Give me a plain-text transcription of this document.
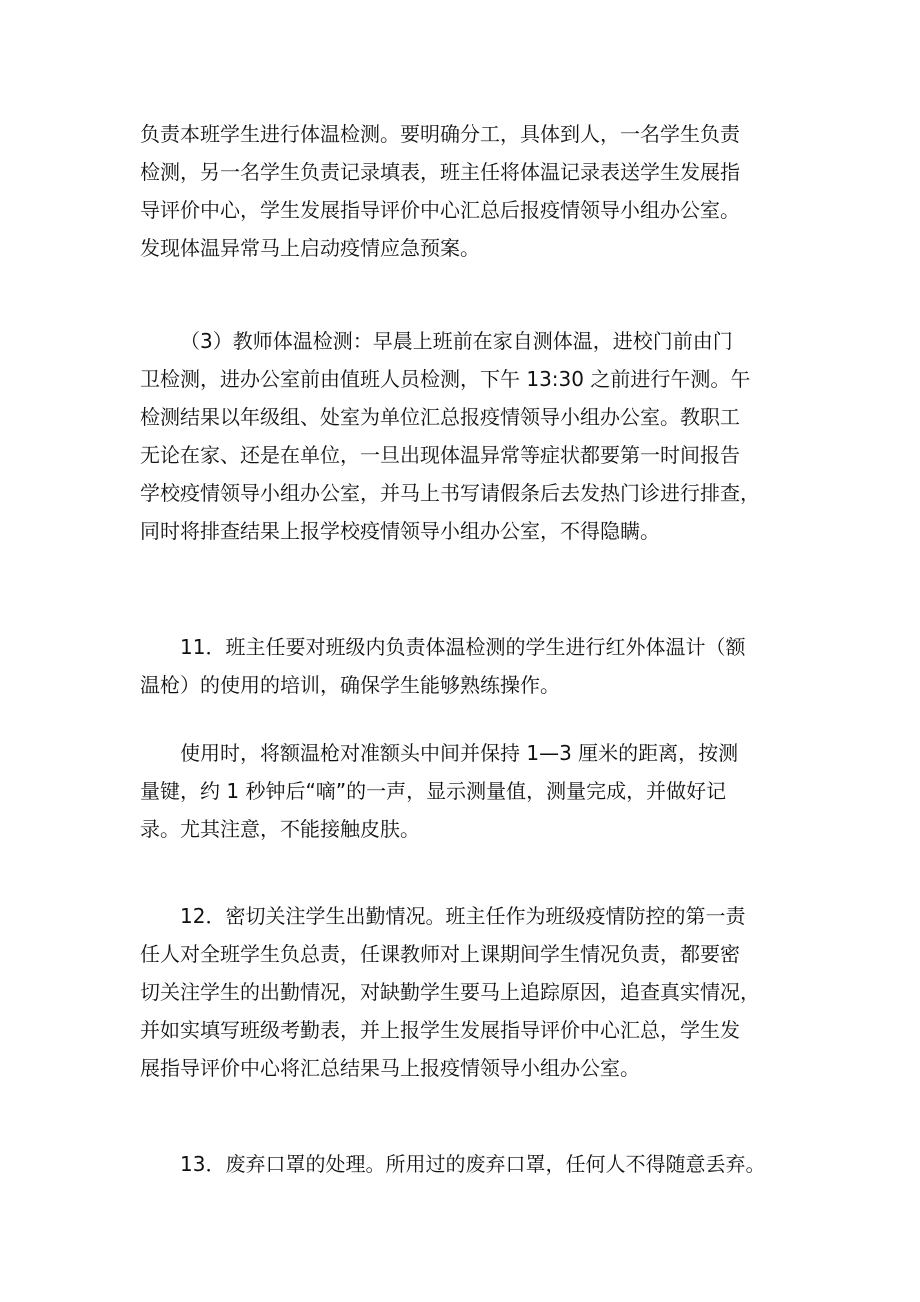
负责本班学生进行体温检测。要明确分工，具体到人，一名学生负责
检测，另一名学生负责记录填表，班主任将体温记录表送学生发展指
导评价中心，学生发展指导评价中心汇总后报疫情领导小组办公室。
发现体温异常马上启动疫情应急预案。

（3）教师体温检测：早晨上班前在家自测体温，进校门前由门
卫检测，进办公室前由值班人员检测，下午 13:30 之前进行午测。午
检测结果以年级组、处室为单位汇总报疫情领导小组办公室。教职工
无论在家、还是在单位，一旦出现体温异常等症状都要第一时间报告
学校疫情领导小组办公室，并马上书写请假条后去发热门诊进行排查，
同时将排查结果上报学校疫情领导小组办公室，不得隐瞒。

11．班主任要对班级内负责体温检测的学生进行红外体温计（额
温枪）的使用的培训，确保学生能够熟练操作。

使用时，将额温枪对准额头中间并保持 1—3 厘米的距离，按测
量键，约 1 秒钟后“嘀”的一声，显示测量值，测量完成，并做好记
录。尤其注意，不能接触皮肤。

12．密切关注学生出勤情况。班主任作为班级疫情防控的第一责
任人对全班学生负总责，任课教师对上课期间学生情况负责，都要密
切关注学生的出勤情况，对缺勤学生要马上追踪原因，追查真实情况，
并如实填写班级考勤表，并上报学生发展指导评价中心汇总，学生发
展指导评价中心将汇总结果马上报疫情领导小组办公室。

13．废弃口罩的处理。所用过的废弃口罩，任何人不得随意丢弃。
